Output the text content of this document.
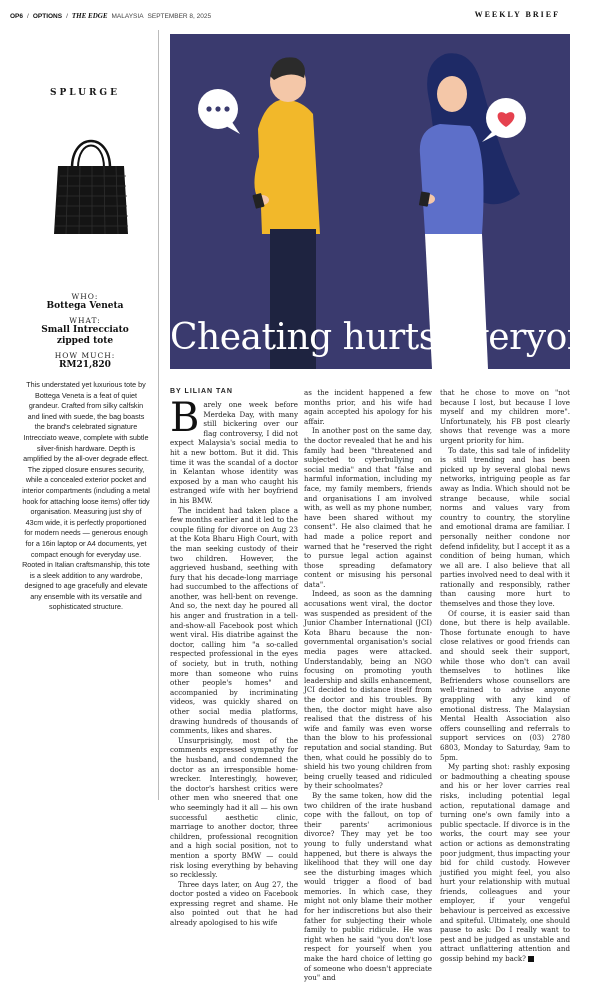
OP6 / OPTIONS / THE EDGE MALAYSIA SEPTEMBER 8, 2025	WEEKLY BRIEF
SPLURGE
WHO:
Bottega Veneta
WHAT:
Small Intrecciato
zipped tote
HOW MUCH:
RM21,820
This understated yet luxurious tote by Bottega Veneta is a feat of quiet grandeur. Crafted from silky calfskin and lined with suede, the bag boasts the brand's celebrated signature Intrecciato weave, complete with subtle silver-finish hardware. Depth is amplified by the all-over degrade effect. The zipped closure ensures security, while a concealed exterior pocket and interior compartments (including a metal hook for attaching loose items) offer tidy organisation. Measuring just shy of 43cm wide, it is perfectly proportioned for modern needs — generous enough for a 16in laptop or A4 documents, yet compact enough for everyday use. Rooted in Italian craftsmanship, this tote is a sleek addition to any wardrobe, designed to age gracefully and elevate any ensemble with its versatile and sophisticated structure.
Cheating hurts everyone
BY LILIAN TAN

Barely one week before Merdeka Day, with many still bickering over our flag controversy, I did not expect Malaysia's social media to hit a new bottom. But it did. This time it was the scandal of a doctor in Kelantan whose identity was exposed by a man who caught his estranged wife with her boyfriend in his BMW.

The incident had taken place a few months earlier and it led to the couple filing for divorce on Aug 23 at the Kota Bharu High Court, with the man seeking custody of their two children. However, the aggrieved husband, seething with fury that his decade-long marriage had succumbed to the affections of another, was hell-bent on revenge. And so, the next day he poured all his anger and frustration in a tell-and-show-all Facebook post which went viral. His diatribe against the doctor, calling him "a so-called respected professional in the eyes of society, but in truth, nothing more than someone who ruins other people's homes" and accompanied by incriminating videos, was quickly shared on other social media platforms, drawing hundreds of thousands of comments, likes and shares.

Unsurprisingly, most of the comments expressed sympathy for the husband, and condemned the doctor as an irresponsible home-wrecker. Interestingly, however, the doctor's harshest critics were other men who sneered that one who seemingly had it all — his own successful aesthetic clinic, marriage to another doctor, three children, professional recognition and a high social position, not to mention a sporty BMW — could risk losing everything by behaving so recklessly.

Three days later, on Aug 27, the doctor posted a video on Facebook expressing regret and shame. He also pointed out that he had already apologised to his wife

as the incident happened a few months prior, and his wife had again accepted his apology for his affair.

In another post on the same day, the doctor revealed that he and his family had been "threatened and subjected to cyberbullying on social media" and that "false and harmful information, including my face, my family members, friends and organisations I am involved with, as well as my phone number, have been shared without my consent". He also claimed that he had made a police report and warned that he "reserved the right to pursue legal action against those spreading defamatory content or misusing his personal data".

Indeed, as soon as the damning accusations went viral, the doctor was suspended as president of the Junior Chamber International (JCI) Kota Bharu because the non-governmental organisation's social media pages were attacked. Understandably, being an NGO focusing on promoting youth leadership and skills enhancement, JCI decided to distance itself from the doctor and his troubles. By then, the doctor might have also realised that the distress of his wife and family was even worse than the blow to his professional reputation and social standing. But then, what could he possibly do to shield his two young children from being cruelly teased and ridiculed by their schoolmates?

By the same token, how did the two children of the irate husband cope with the fallout, on top of their parents' acrimonious divorce? They may yet be too young to fully understand what happened, but there is always the likelihood that they will one day see the disturbing images which would trigger a flood of bad memories. In which case, they might not only blame their mother for her indiscretions but also their father for subjecting their whole family to public ridicule. He was right when he said "you don't lose respect for yourself when you make the hard choice of letting go of someone who doesn't appreciate you" and

that he chose to move on "not because I lost, but because I love myself and my children more". Unfortunately, his FB post clearly shows that revenge was a more urgent priority for him.

To date, this sad tale of infidelity is still trending and has been picked up by several global news networks, intriguing people as far away as India. Which should not be strange because, while social norms and values vary from country to country, the storyline and emotional drama are familiar. I personally neither condone nor defend infidelity, but I accept it as a condition of being human, which we all are. I also believe that all parties involved need to deal with it rationally and responsibly, rather than causing more hurt to themselves and those they love.

Of course, it is easier said than done, but there is help available. Those fortunate enough to have close relatives or good friends can and should seek their support, while those who don't can avail themselves to hotlines like Befrienders whose counsellors are well-trained to advise anyone grappling with any kind of emotional distress. The Malaysian Mental Health Association also offers counselling and referrals to support services on (03) 2780 6803, Monday to Saturday, 9am to 5pm.

My parting shot: rashly exposing or badmouthing a cheating spouse and his or her lover carries real risks, including potential legal action, reputational damage and turning one's own family into a public spectacle. If divorce is in the works, the court may see your action or actions as demonstrating poor judgment, thus impacting your bid for child custody. However justified you might feel, you also hurt your relationship with mutual friends, colleagues and your employer, if your vengeful behaviour is perceived as excessive and spiteful. Ultimately, one should pause to ask: Do I really want to pest and be judged as unstable and attract unflattering attention and gossip behind my back?
